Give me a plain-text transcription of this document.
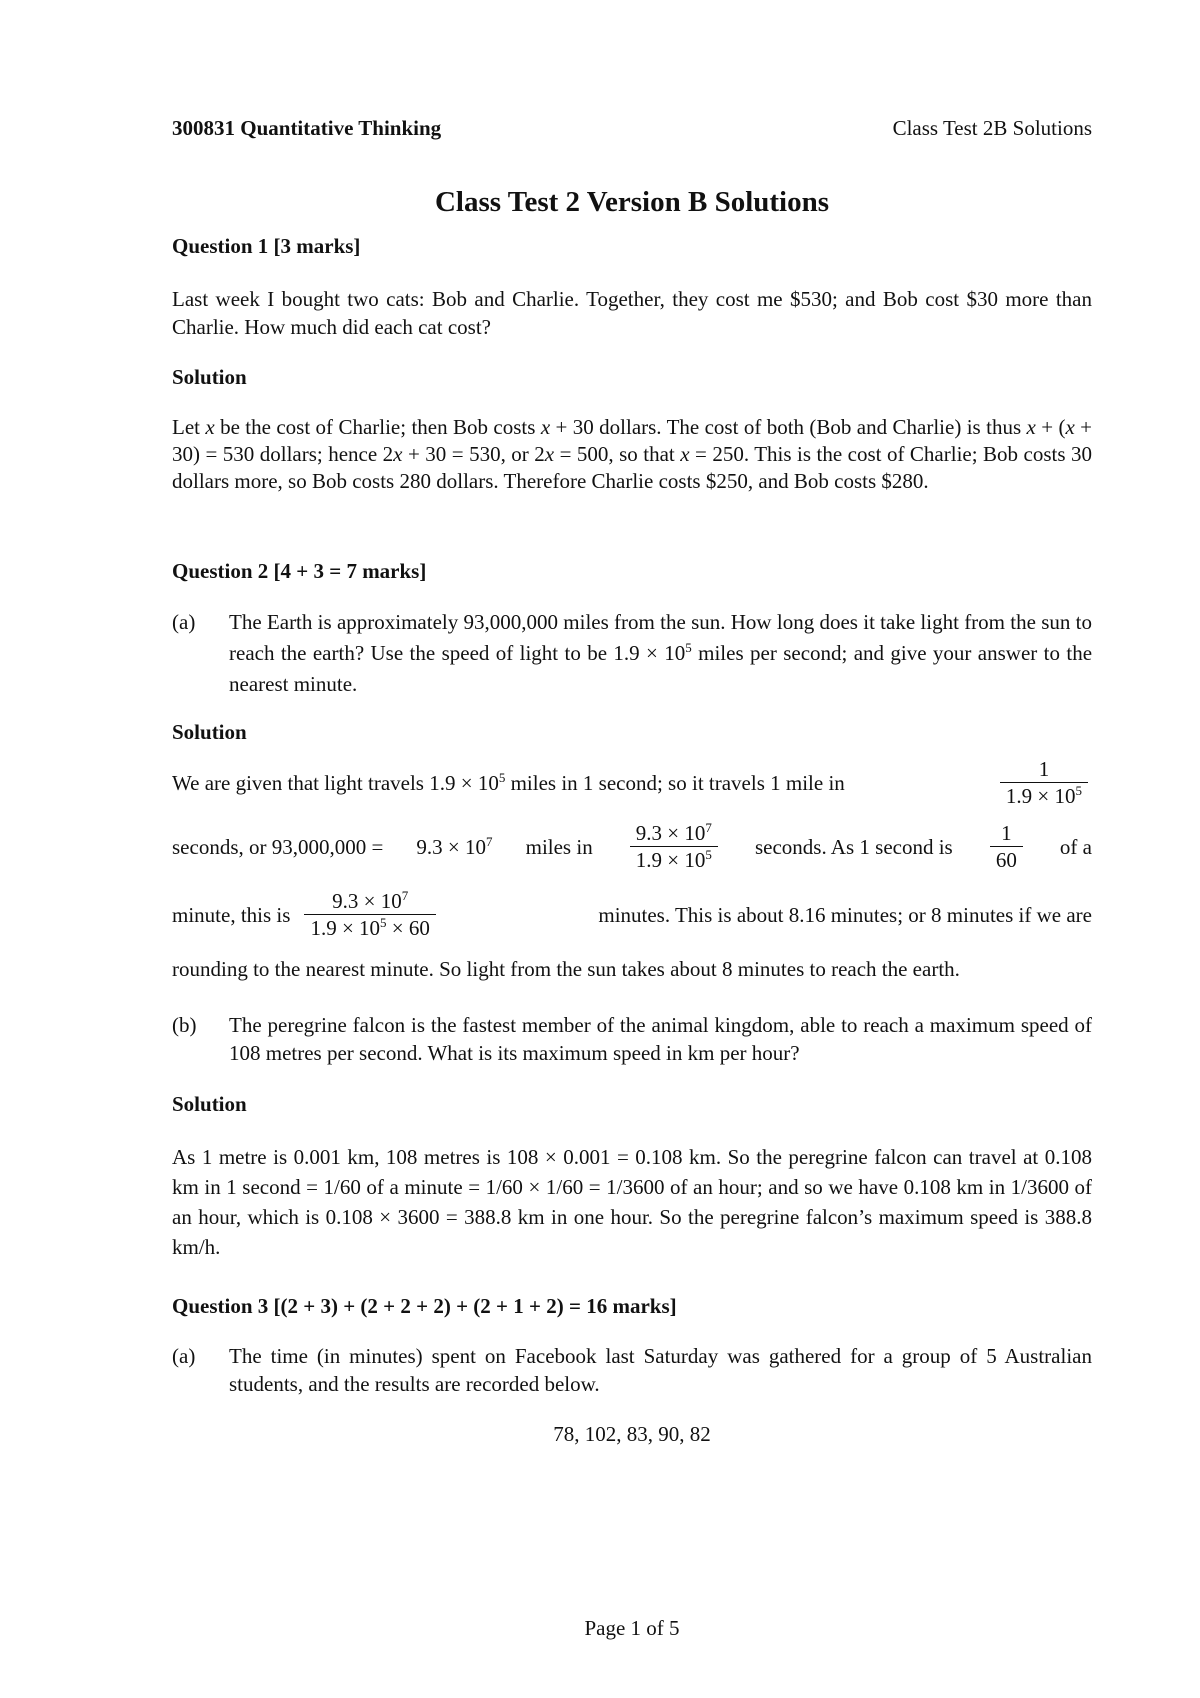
300831 Quantitative Thinking	Class Test 2B Solutions
Class Test 2 Version B Solutions
Question 1 [3 marks]

Last week I bought two cats: Bob and Charlie. Together, they cost me $530; and Bob cost $30 more than Charlie. How much did each cat cost?

Solution

Let x be the cost of Charlie; then Bob costs x + 30 dollars. The cost of both (Bob and Charlie) is thus x + (x + 30) = 530 dollars; hence 2x + 30 = 530, or 2x = 500, so that x = 250. This is the cost of Charlie; Bob costs 30 dollars more, so Bob costs 280 dollars. Therefore Charlie costs $250, and Bob costs $280.

Question 2 [4 + 3 = 7 marks]
(a) The Earth is approximately 93,000,000 miles from the sun. How long does it take light from the sun to reach the earth? Use the speed of light to be $1.9 \times 10^5$ miles per second; and give your answer to the nearest minute.
Solution
We are given that light travels $1.9 \times 10^5$ miles in 1 second; so it travels 1 mile in	$\frac{1}{1.9 \times 10^5}$
seconds, or $93,000,000 = 9.3 \times 10^7$ miles in $\frac{9.3 \times 10^7}{1.9 \times 10^5}$ seconds. As 1 second is $\frac{1}{60}$ of a
minute, this is $\frac{9.3 \times 10^7}{1.9 \times 10^5 \times 60}$	minutes. This is about 8.16 minutes; or 8 minutes if we are

rounding to the nearest minute. So light from the sun takes about 8 minutes to reach the earth.

(b) The peregrine falcon is the fastest member of the animal kingdom, able to reach a maximum speed of 108 metres per second. What is its maximum speed in km per hour?
Solution

As 1 metre is 0.001 km, 108 metres is 108 × 0.001 = 0.108 km. So the peregrine falcon can travel at 0.108 km in 1 second = 1/60 of a minute = 1/60 × 1/60 = 1/3600 of an hour; and so we have 0.108 km in 1/3600 of an hour, which is 0.108 × 3600 = 388.8 km in one hour. So the peregrine falcon’s maximum speed is 388.8 km/h.

Question 3 [(2 + 3) + (2 + 2 + 2) + (2 + 1 + 2) = 16 marks]
(a) The time (in minutes) spent on Facebook last Saturday was gathered for a group of 5 Australian students, and the results are recorded below.
78, 102, 83, 90, 82
Page 1 of 5
